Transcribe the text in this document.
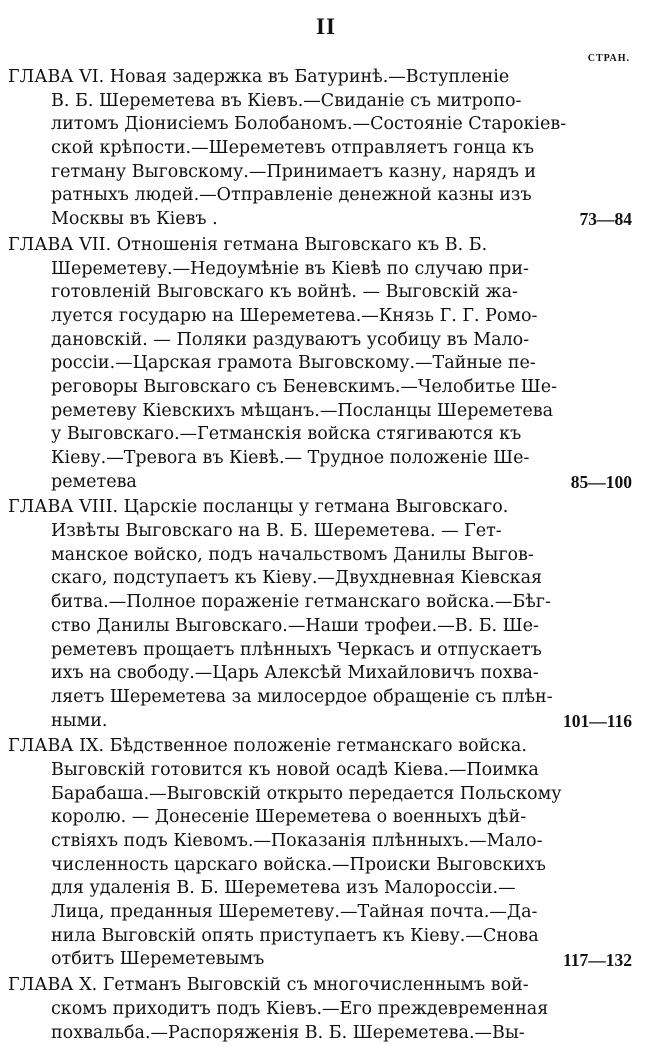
II
СТРАН.
ГЛАВА VI. Новая задержка въ Батуринѣ.—Вступленіе
В. Б. Шереметева въ Кіевъ.—Свиданіе съ митропо-
литомъ Діонисіемъ Болобаномъ.—Состояніе Старокіев-
ской крѣпости.—Шереметевъ отправляетъ гонца къ
гетману Выговскому.—Принимаетъ казну, нарядъ и
ратныхъ людей.—Отправленіе денежной казны изъ
Москвы въ Кіевъ .	73—84
ГЛАВА VII. Отношенія гетмана Выговскаго къ В. Б.
Шереметеву.—Недоумѣніе въ Кіевѣ по случаю при-
готовленій Выговскаго къ войнѣ. — Выговскій жа-
луется государю на Шереметева.—Князь Г. Г. Ромо-
дановскій. — Поляки раздуваютъ усобицу въ Мало-
россіи.—Царская грамота Выговскому.—Тайные пе-
реговоры Выговскаго съ Беневскимъ.—Челобитье Ше-
реметеву Кіевскихъ мѣщанъ.—Посланцы Шереметева
у Выговскаго.—Гетманскія войска стягиваются къ
Кіеву.—Тревога въ Кіевѣ.— Трудное положеніе Ше-
реметева	85—100
ГЛАВА VIII. Царскіе посланцы у гетмана Выговскаго.
Извѣты Выговскаго на В. Б. Шереметева. — Гет-
манское войско, подъ начальствомъ Данилы Выгов-
скаго, подступаетъ къ Кіеву.—Двухдневная Кіевская
битва.—Полное пораженіе гетманскаго войска.—Бѣг-
ство Данилы Выговскаго.—Наши трофеи.—В. Б. Ше-
реметевъ прощаетъ плѣнныхъ Черкасъ и отпускаетъ
ихъ на свободу.—Царь Алексѣй Михайловичъ похва-
ляетъ Шереметева за милосердое обращеніе съ плѣн-
ными.	101—116
ГЛАВА IX. Бѣдственное положеніе гетманскаго войска.
Выговскій готовится къ новой осадѣ Кіева.—Поимка
Барабаша.—Выговскій открыто передается Польскому
королю. — Донесеніе Шереметева о военныхъ дѣй-
ствіяхъ подъ Кіевомъ.—Показанія плѣнныхъ.—Мало-
численность царскаго войска.—Происки Выговскихъ
для удаленія В. Б. Шереметева изъ Малороссіи.—
Лица, преданныя Шереметеву.—Тайная почта.—Да-
нила Выговскій опять приступаетъ къ Кіеву.—Снова
отбитъ Шереметевымъ	117—132
ГЛАВА X. Гетманъ Выговскій съ многочисленнымъ вой-
скомъ приходитъ подъ Кіевъ.—Его преждевременная
похвальба.—Распоряженія В. Б. Шереметева.—Вы-
